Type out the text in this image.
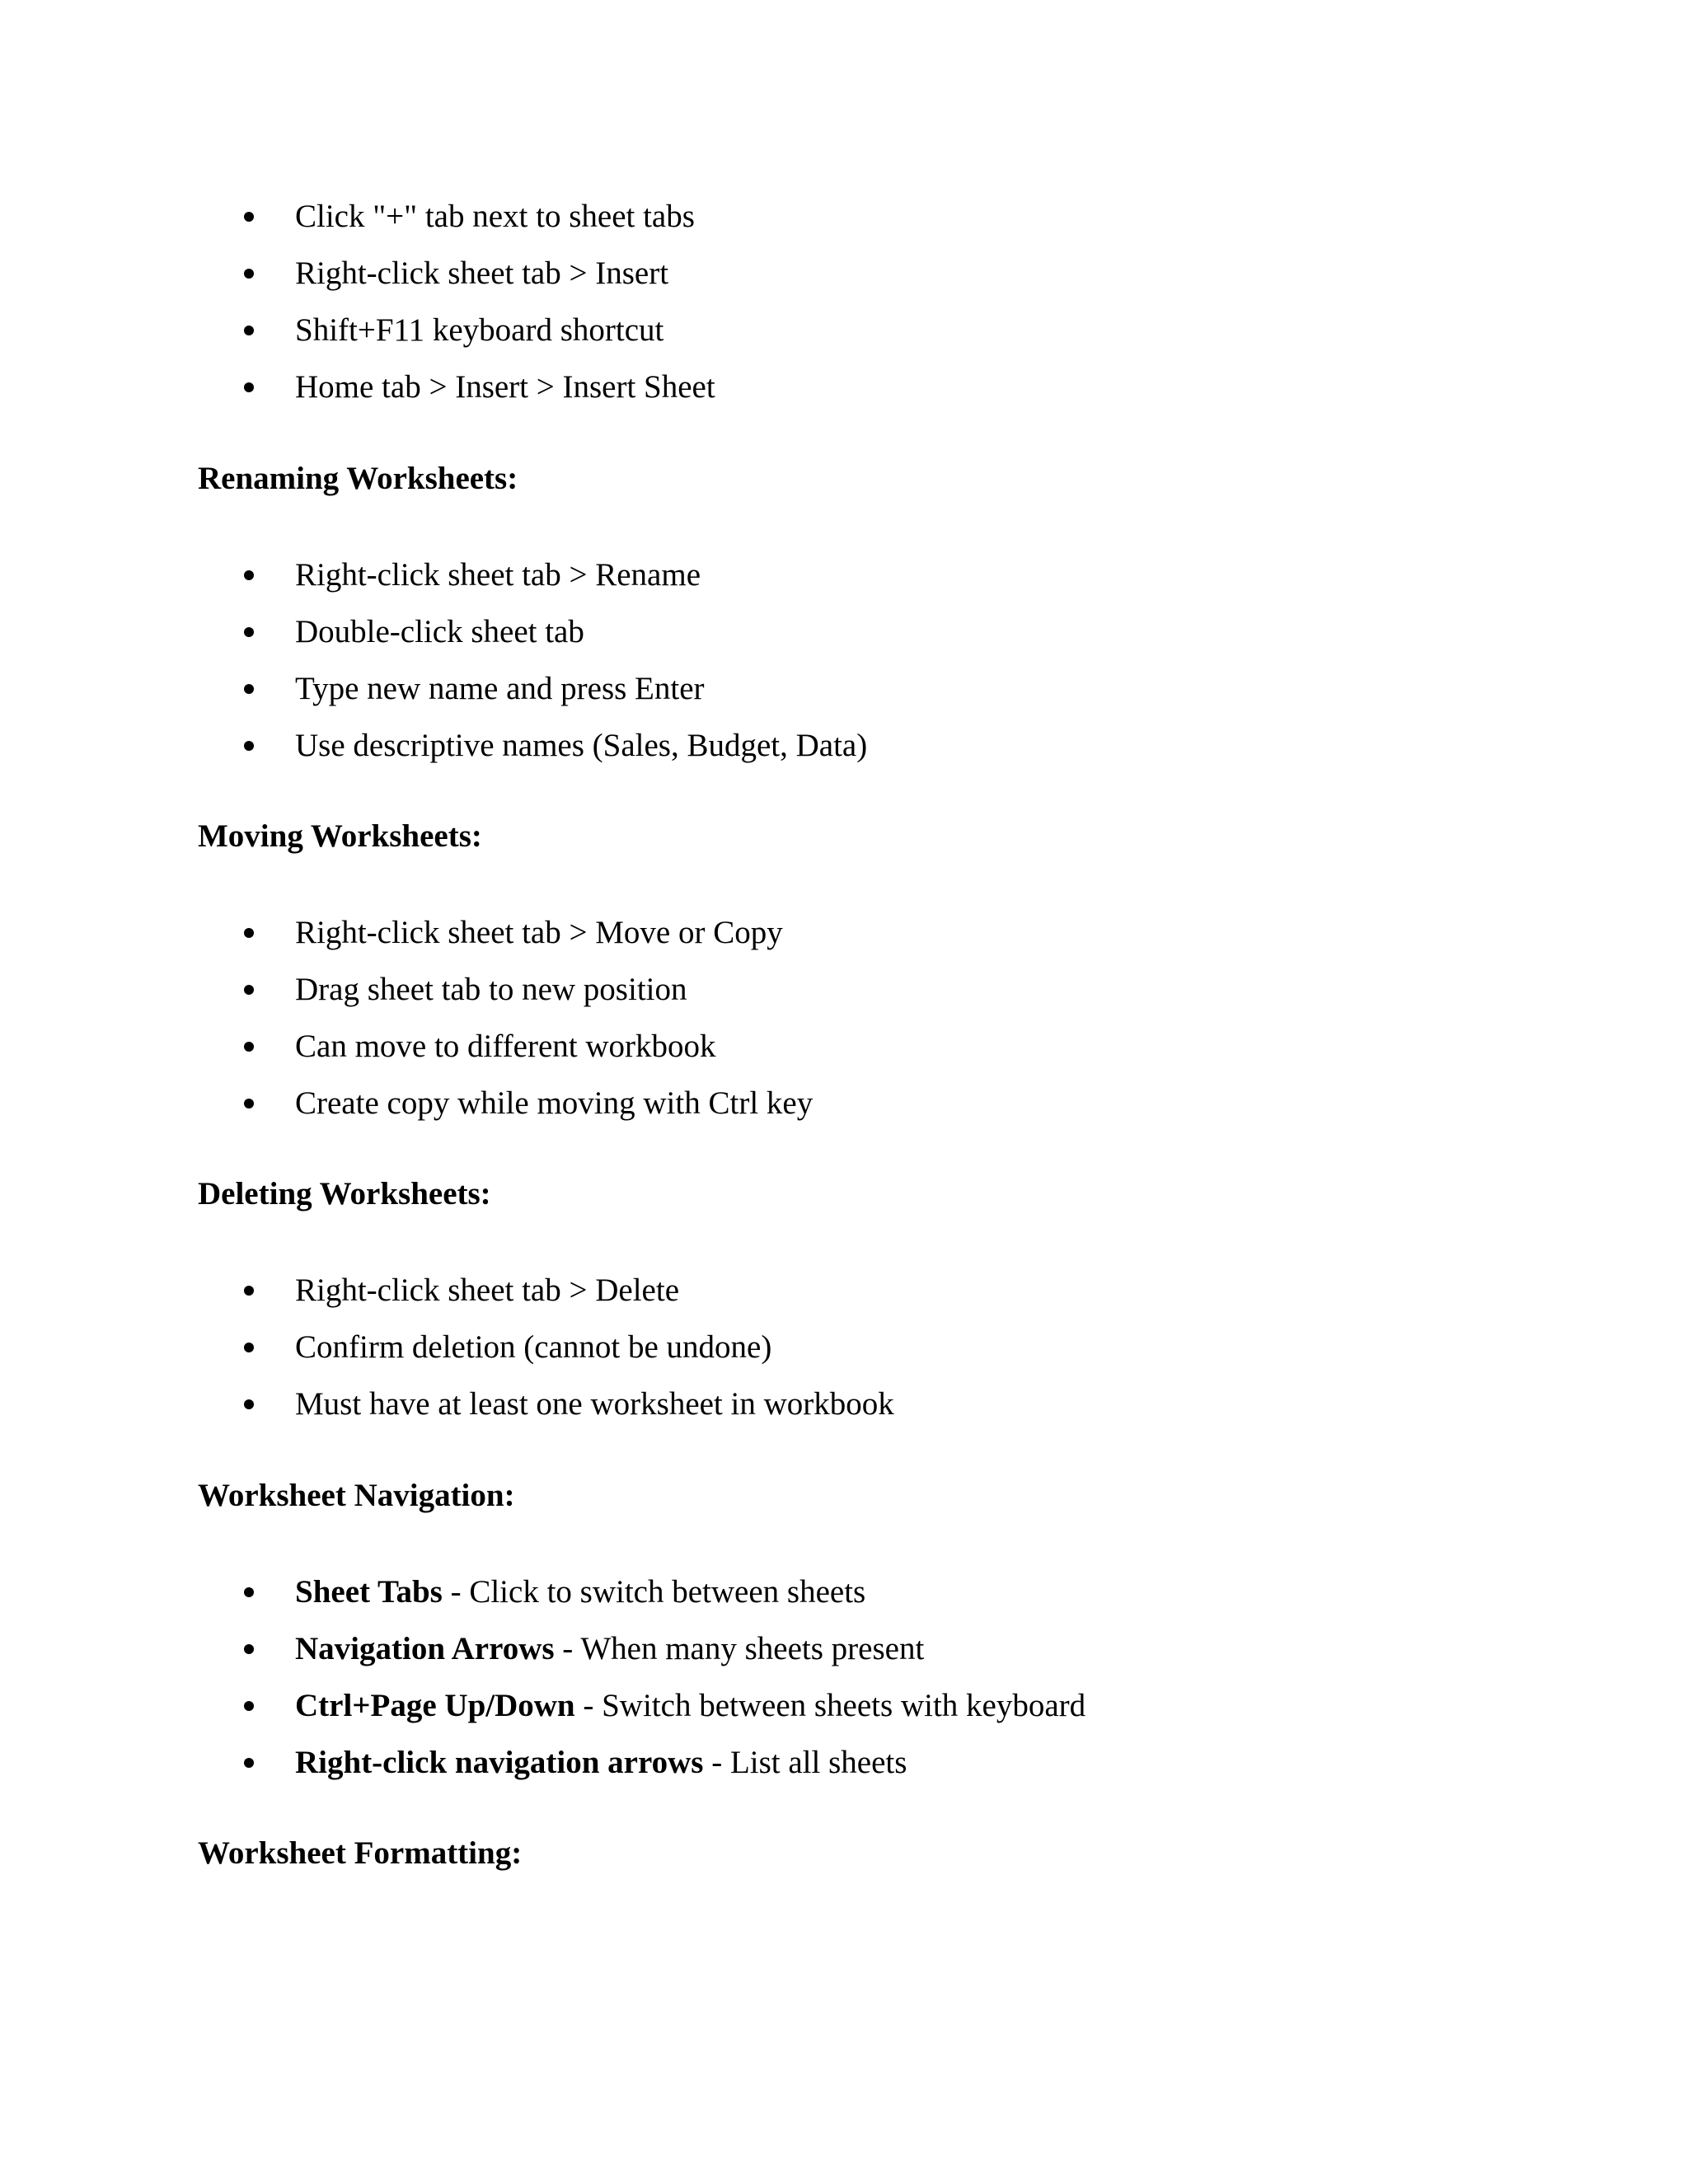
Click "+" tab next to sheet tabs
Right-click sheet tab > Insert
Shift+F11 keyboard shortcut
Home tab > Insert > Insert Sheet
Renaming Worksheets:
Right-click sheet tab > Rename
Double-click sheet tab
Type new name and press Enter
Use descriptive names (Sales, Budget, Data)
Moving Worksheets:
Right-click sheet tab > Move or Copy
Drag sheet tab to new position
Can move to different workbook
Create copy while moving with Ctrl key
Deleting Worksheets:
Right-click sheet tab > Delete
Confirm deletion (cannot be undone)
Must have at least one worksheet in workbook
Worksheet Navigation:
Sheet Tabs - Click to switch between sheets
Navigation Arrows - When many sheets present
Ctrl+Page Up/Down - Switch between sheets with keyboard
Right-click navigation arrows - List all sheets
Worksheet Formatting:
